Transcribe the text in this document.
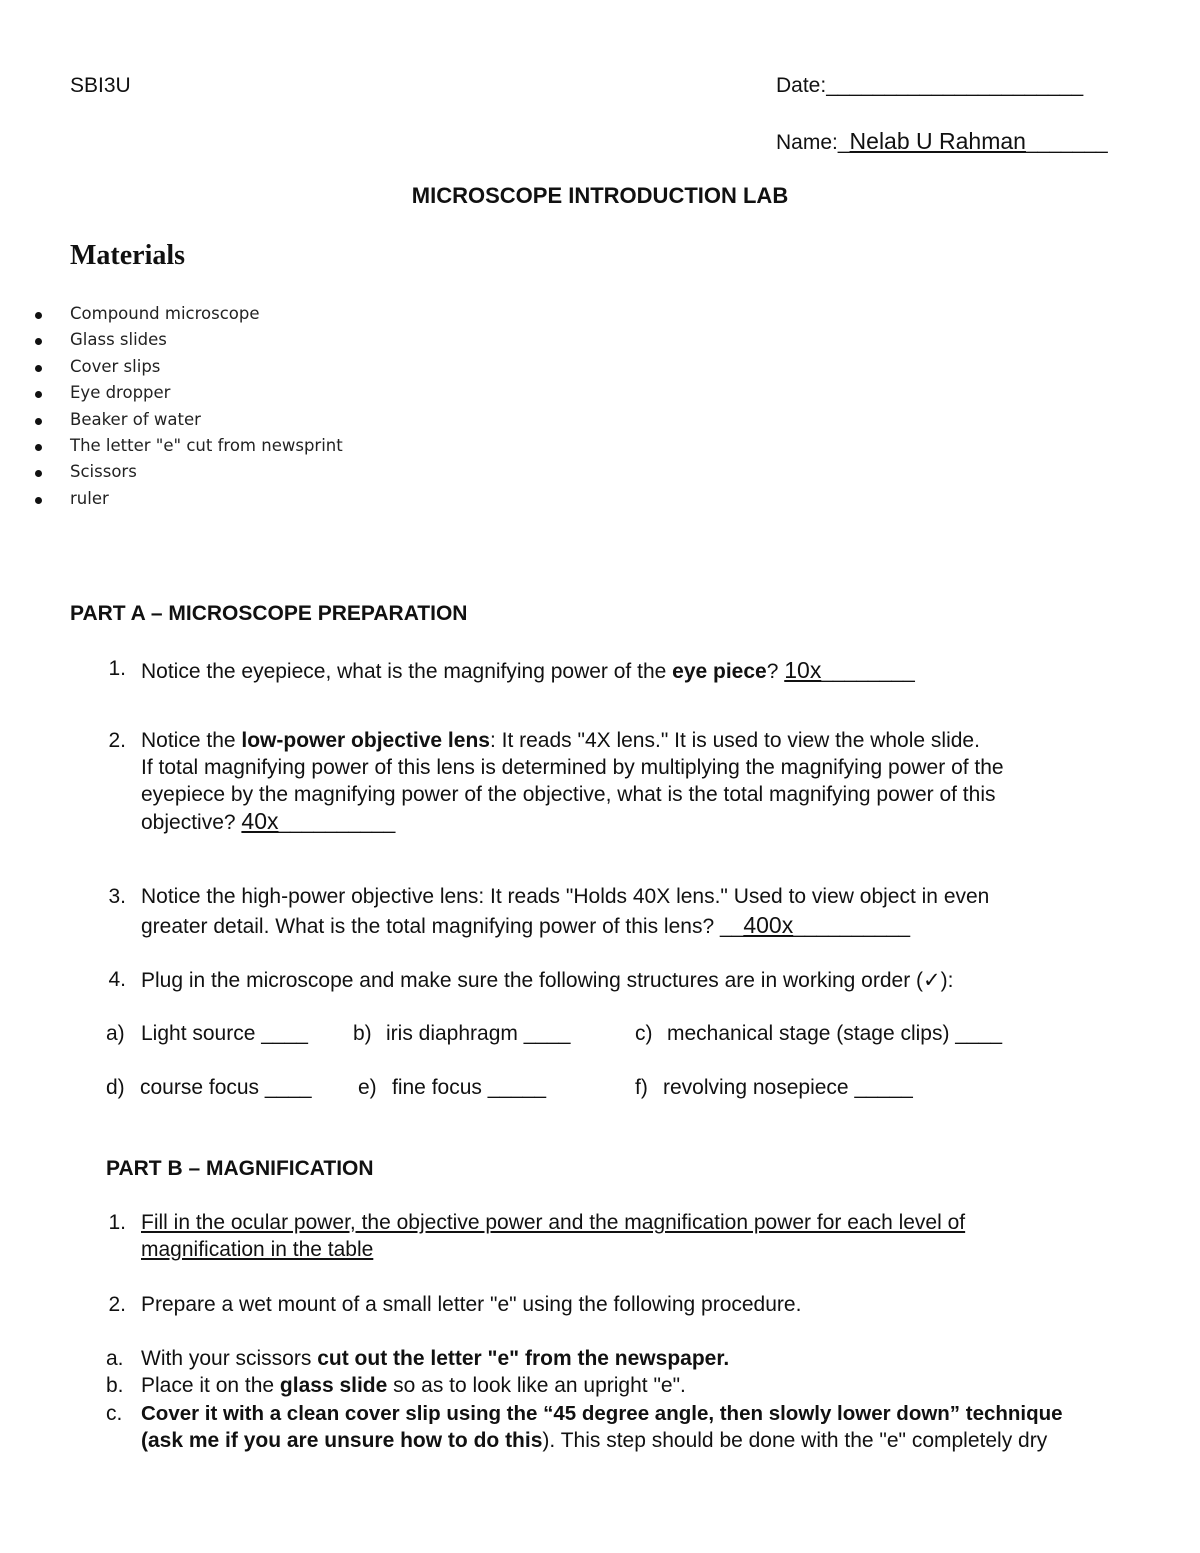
SBI3U	Date:______________________
Name:_Nelab U Rahman_______
MICROSCOPE INTRODUCTION LAB
Materials
Compound microscope
Glass slides
Cover slips
Eye dropper
Beaker of water
The letter "e" cut from newsprint
Scissors
ruler
PART A – MICROSCOPE PREPARATION
1. Notice the eyepiece, what is the magnifying power of the eye piece? 10x________
2. Notice the low-power objective lens: It reads "4X lens." It is used to view the whole slide.
If total magnifying power of this lens is determined by multiplying the magnifying power of the
eyepiece by the magnifying power of the objective, what is the total magnifying power of this
objective? 40x__________
3. Notice the high-power objective lens: It reads "Holds 40X lens." Used to view object in even
greater detail. What is the total magnifying power of this lens? __400x__________
4. Plug in the microscope and make sure the following structures are in working order (✓):
a) Light source ____ b) iris diaphragm ____	c) mechanical stage (stage clips) ____
d) course focus ____ e) fine focus _____	f) revolving nosepiece _____
PART B – MAGNIFICATION
1. Fill in the ocular power, the objective power and the magnification power for each level of
magnification in the table
2. Prepare a wet mount of a small letter "e" using the following procedure.
a. With your scissors cut out the letter "e" from the newspaper.
b. Place it on the glass slide so as to look like an upright "e".
c. Cover it with a clean cover slip using the “45 degree angle, then slowly lower down” technique
(ask me if you are unsure how to do this). This step should be done with the "e" completely dry
